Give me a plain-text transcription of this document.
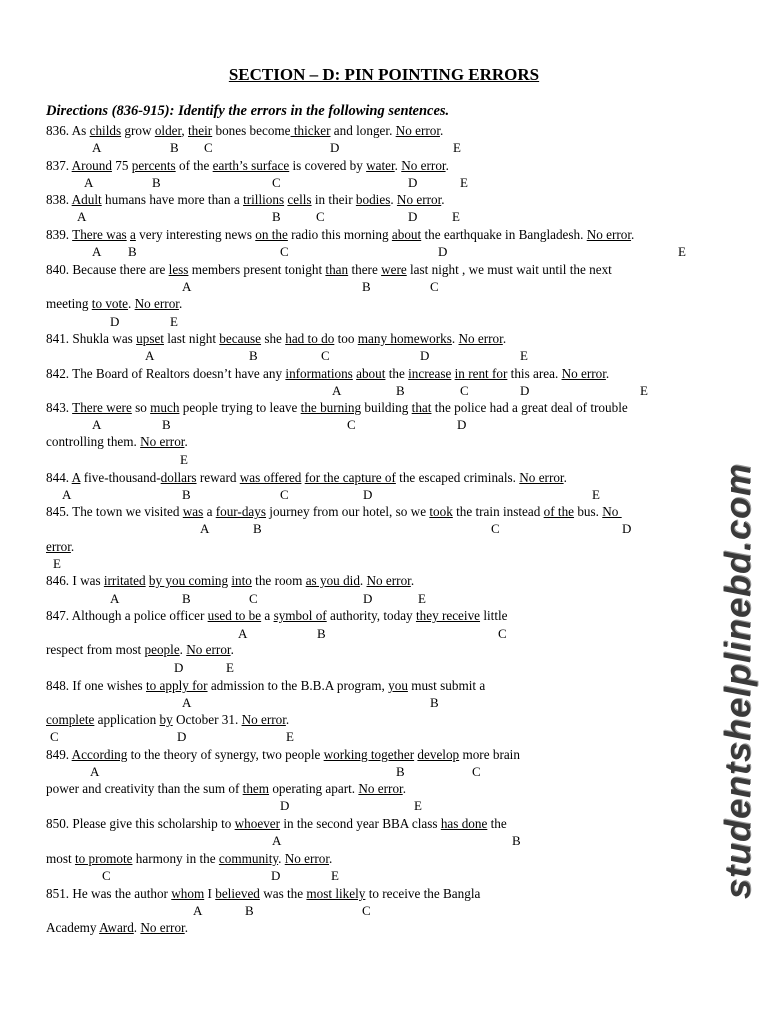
SECTION – D: PIN POINTING ERRORS
Directions (836-915): Identify the errors in the following sentences.
836. As childs grow older, their bones become thicker and longer. No error.
837. Around 75 percents of the earth’s surface is covered by water. No error.
838. Adult humans have more than a trillions cells in their bodies. No error.
839. There was a very interesting news on the radio this morning about the earthquake in Bangladesh. No error.
840. Because there are less members present tonight than there were last night , we must wait until the next
meeting to vote. No error.
841. Shukla was upset last night because she had to do too many homeworks. No error.
842. The Board of Realtors doesn’t have any informations about the increase in rent for this area. No error.
843. There were so much people trying to leave the burning building that the police had a great deal of trouble
controlling them. No error.
844. A five-thousand-dollars reward was offered for the capture of the escaped criminals. No error.
845. The town we visited was a four-days journey from our hotel, so we took the train instead of the bus. No
error.
846. I was irritated by you coming into the room as you did. No error.
847. Although a police officer used to be a symbol of authority, today they receive little
respect from most people. No error.
848. If one wishes to apply for admission to the B.B.A program, you must submit a
complete application by October 31. No error.
849. According to the theory of synergy, two people working together develop more brain
power and creativity than the sum of them operating apart. No error.
850. Please give this scholarship to whoever in the second year BBA class has done the
most to promote harmony in the community. No error.
851. He was the author whom I believed was the most likely to receive the Bangla
Academy Award. No error.
A	B C	D	E
A	B	C	D	E
A	B	C	D	E
A B	C	D	E
A	B	C
D	E
A	B	C	D	E
A	B	C	D	E
A	B	C	D
E
A	B	C	D	E
A	B	C	D
E
A	B	C	D	E
A	B	C
D	E
A	B
C	D	E
A	B	C
D	E
A	B
C	D	E
A	B	C
studentshelplinebd.com
